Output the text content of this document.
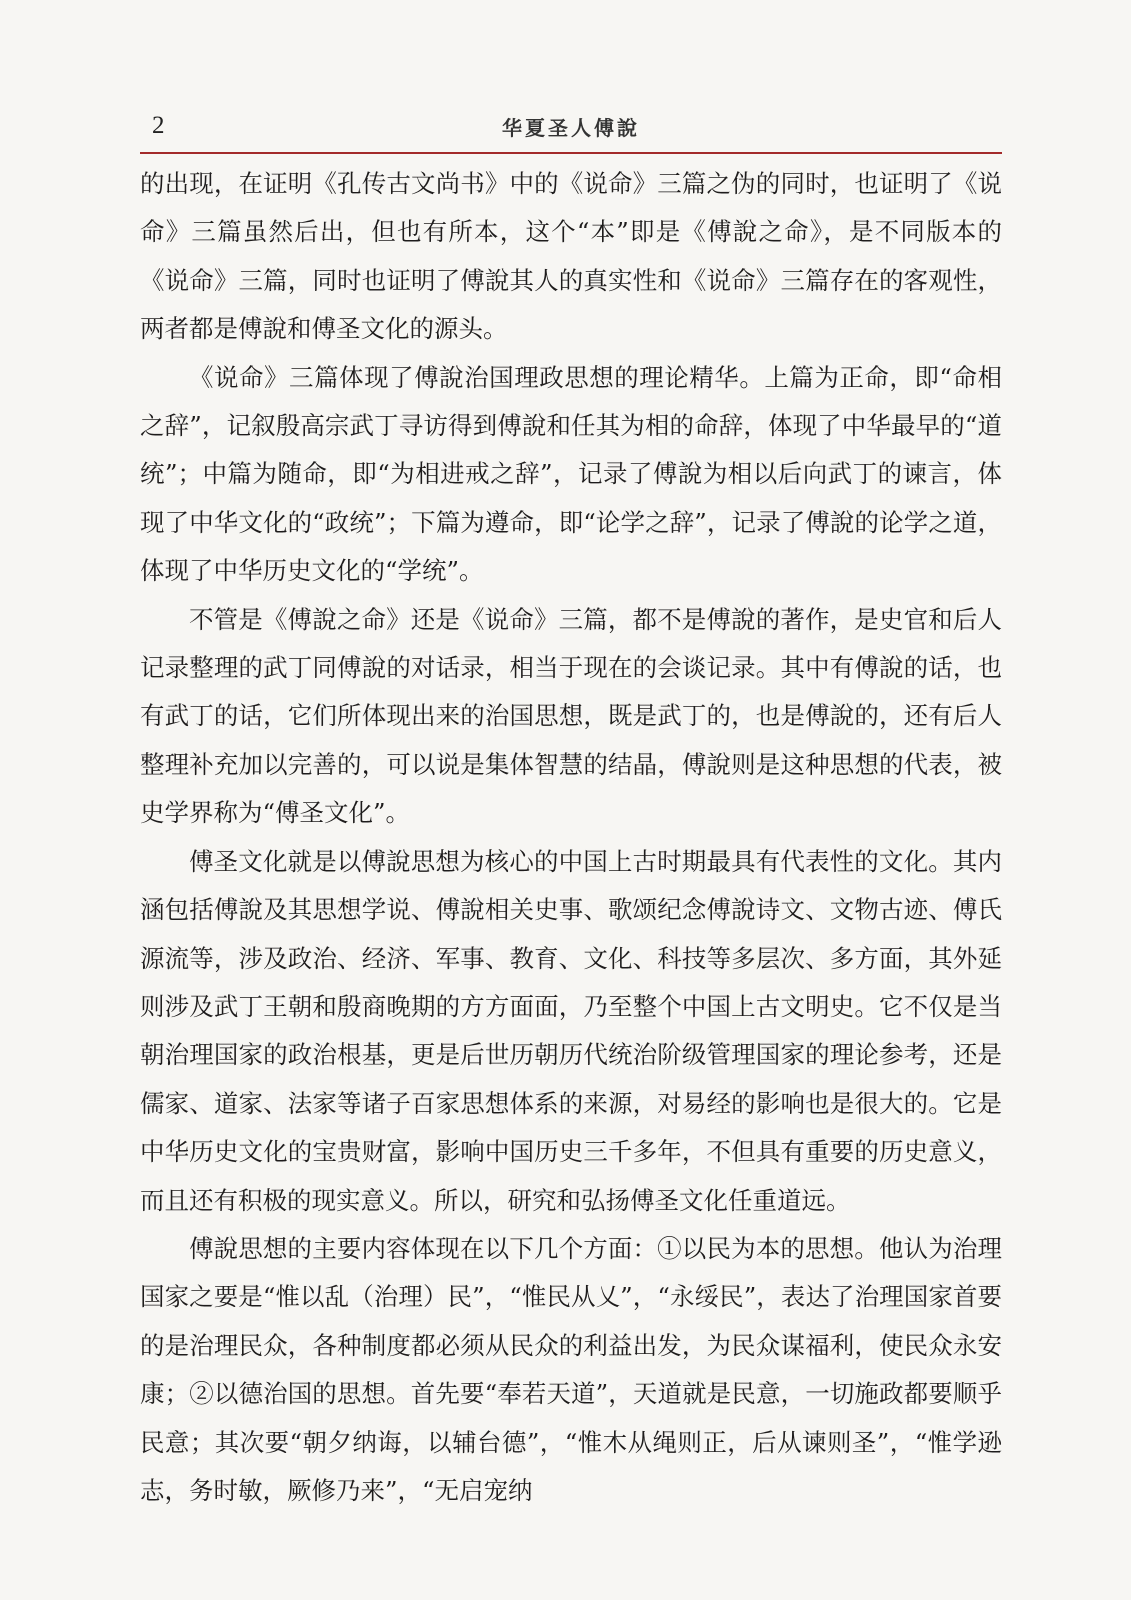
2	华夏圣人傅說

的出现，在证明《孔传古文尚书》中的《说命》三篇之伪的同时，也证明了《说命》三篇虽然后出，但也有所本，这个“本”即是《傅說之命》，是不同版本的《说命》三篇，同时也证明了傅說其人的真实性和《说命》三篇存在的客观性，两者都是傅說和傅圣文化的源头。

《说命》三篇体现了傅說治国理政思想的理论精华。上篇为正命，即“命相之辞”，记叙殷高宗武丁寻访得到傅說和任其为相的命辞，体现了中华最早的“道统”；中篇为随命，即“为相进戒之辞”，记录了傅說为相以后向武丁的谏言，体现了中华文化的“政统”；下篇为遵命，即“论学之辞”，记录了傅說的论学之道，体现了中华历史文化的“学统”。

不管是《傅說之命》还是《说命》三篇，都不是傅說的著作，是史官和后人记录整理的武丁同傅說的对话录，相当于现在的会谈记录。其中有傅說的话，也有武丁的话，它们所体现出来的治国思想，既是武丁的，也是傅說的，还有后人整理补充加以完善的，可以说是集体智慧的结晶，傅說则是这种思想的代表，被史学界称为“傅圣文化”。

傅圣文化就是以傅說思想为核心的中国上古时期最具有代表性的文化。其内涵包括傅說及其思想学说、傅說相关史事、歌颂纪念傅說诗文、文物古迹、傅氏源流等，涉及政治、经济、军事、教育、文化、科技等多层次、多方面，其外延则涉及武丁王朝和殷商晚期的方方面面，乃至整个中国上古文明史。它不仅是当朝治理国家的政治根基，更是后世历朝历代统治阶级管理国家的理论参考，还是儒家、道家、法家等诸子百家思想体系的来源，对易经的影响也是很大的。它是中华历史文化的宝贵财富，影响中国历史三千多年，不但具有重要的历史意义，而且还有积极的现实意义。所以，研究和弘扬傅圣文化任重道远。

傅說思想的主要内容体现在以下几个方面：①以民为本的思想。他认为治理国家之要是“惟以乱（治理）民”，“惟民从乂”，“永绥民”，表达了治理国家首要的是治理民众，各种制度都必须从民众的利益出发，为民众谋福利，使民众永安康；②以德治国的思想。首先要“奉若天道”，天道就是民意，一切施政都要顺乎民意；其次要“朝夕纳诲，以辅台德”，“惟木从绳则正，后从谏则圣”，“惟学逊志，务时敏，厥修乃来”，“无启宠纳
